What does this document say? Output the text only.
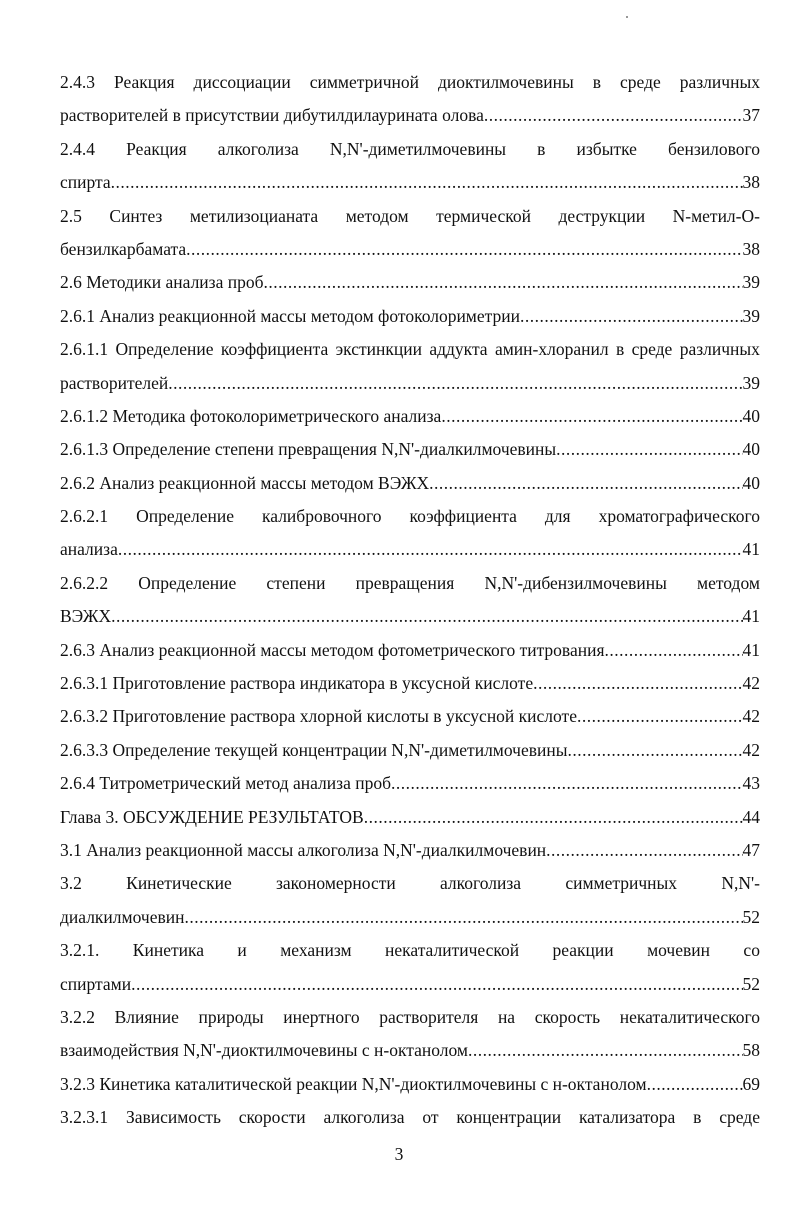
2.4.3 Реакция диссоциации симметричной диоктилмочевины в среде различных
растворителей в присутствии дибутилдилаурината олова .....	37
2.4.4 Реакция алкоголиза N,N'-диметилмочевины в избытке бензилового
спирта .....	38
2.5 Синтез метилизоцианата методом термической деструкции N-метил-О-
бензилкарбамата .....	38
2.6 Методики анализа проб .....	39
2.6.1 Анализ реакционной массы методом фотоколориметрии .....	39
2.6.1.1 Определение коэффициента экстинкции аддукта амин-хлоранил в среде различных
растворителей .....	39
2.6.1.2 Методика фотоколориметрического анализа .....	40
2.6.1.3 Определение степени превращения N,N'-диалкилмочевины .....	40
2.6.2 Анализ реакционной массы методом ВЭЖХ .....	40
2.6.2.1 Определение калибровочного коэффициента для хроматографического
анализа .....	41
2.6.2.2 Определение степени превращения N,N'-дибензилмочевины методом
ВЭЖХ .....	41
2.6.3 Анализ реакционной массы методом фотометрического титрования .....	41
2.6.3.1 Приготовление раствора индикатора в уксусной кислоте .....	42
2.6.3.2 Приготовление раствора хлорной кислоты в уксусной кислоте .....	42
2.6.3.3 Определение текущей концентрации N,N'-диметилмочевины .....	42
2.6.4 Титрометрический метод анализа проб .....	43
Глава 3. ОБСУЖДЕНИЕ РЕЗУЛЬТАТОВ .....	44
3.1 Анализ реакционной массы алкоголиза N,N'-диалкилмочевин .....	47
3.2	Кинетические	закономерности	алкоголиза	симметричных	N,N'-
диалкилмочевин .....	52
3.2.1. Кинетика и механизм некаталитической реакции мочевин со
спиртами .....	52
3.2.2 Влияние природы инертного растворителя на скорость некаталитического
взаимодействия N,N'-диоктилмочевины с н-октанолом .....	58
3.2.3 Кинетика каталитической реакции N,N'-диоктилмочевины с н-октанолом .....	69
3.2.3.1 Зависимость скорости алкоголиза от концентрации катализатора в среде
3
